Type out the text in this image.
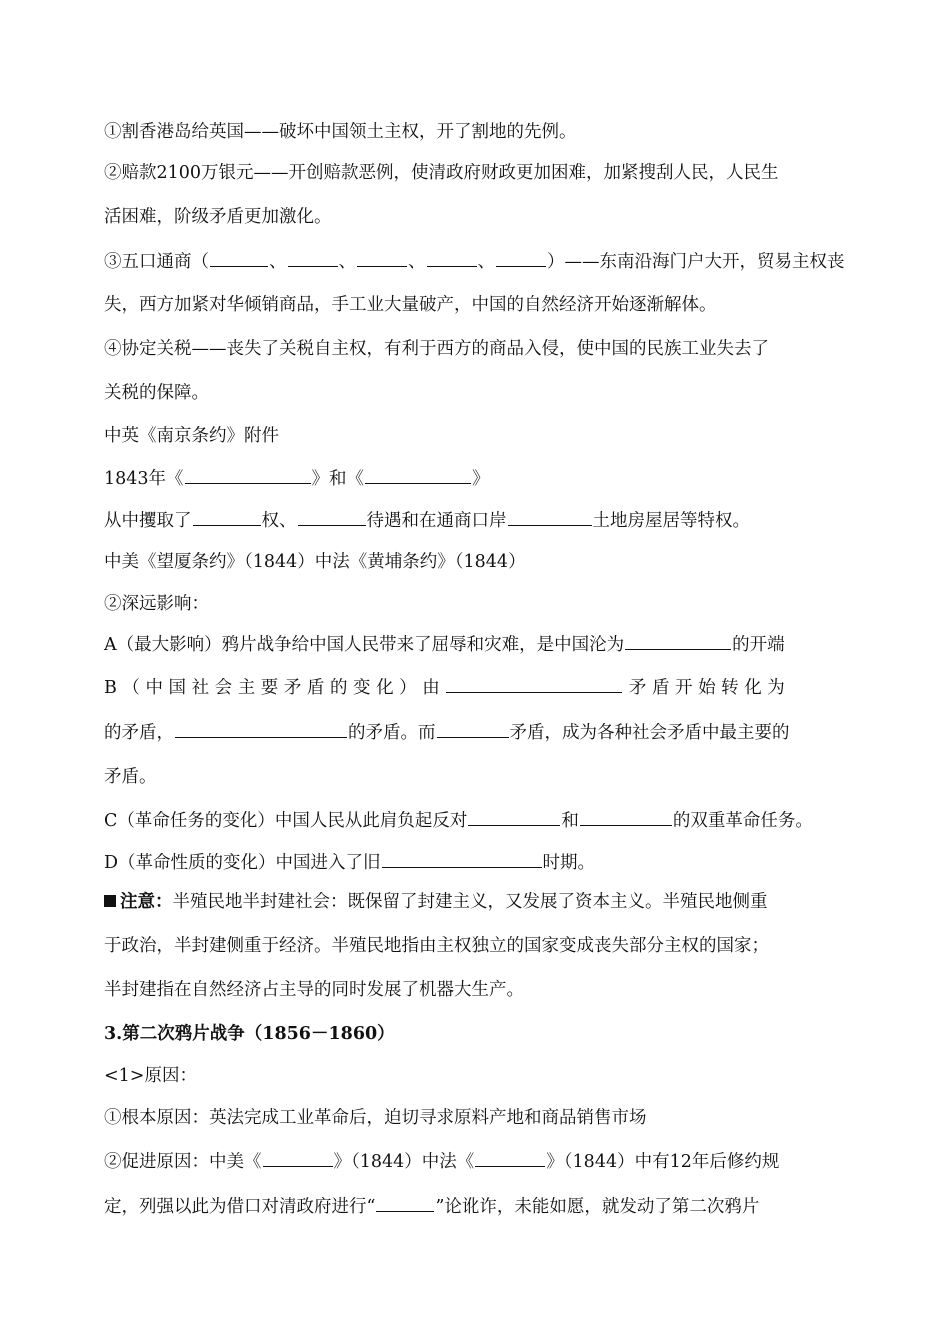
①割香港岛给英国——破坏中国领土主权，开了割地的先例。
②赔款2100万银元——开创赔款恶例，使清政府财政更加困难，加紧搜刮人民，人民生
活困难，阶级矛盾更加激化。
③五口通商（	、	、	、	、	）——东南沿海门户大开，贸易主权丧
失，西方加紧对华倾销商品，手工业大量破产，中国的自然经济开始逐渐解体。
④协定关税——丧失了关税自主权，有利于西方的商品入侵，使中国的民族工业失去了
关税的保障。
中英《南京条约》附件
1843年《	》和《	》
从中攫取了	权、	待遇和在通商口岸	土地房屋居等特权。
中美《望厦条约》（1844）中法《黄埔条约》（1844）
②深远影响：
A（最大影响）鸦片战争给中国人民带来了屈辱和灾难，是中国沦为	的开端
B （ 中 国 社 会 主 要 矛 盾 的 变 化 ） 由	矛 盾 开 始 转 化 为
的矛盾，	的矛盾。而	矛盾，成为各种社会矛盾中最主要的
矛盾。
C（革命任务的变化）中国人民从此肩负起反对	和	的双重革命任务。
D（革命性质的变化）中国进入了旧	时期。
注意：半殖民地半封建社会：既保留了封建主义，又发展了资本主义。半殖民地侧重
于政治，半封建侧重于经济。半殖民地指由主权独立的国家变成丧失部分主权的国家；
半封建指在自然经济占主导的同时发展了机器大生产。
3.第二次鸦片战争（1856－1860）
<1>原因：
①根本原因：英法完成工业革命后，迫切寻求原料产地和商品销售市场
②促进原因：中美《	》（1844）中法《	》（1844）中有12年后修约规
定，列强以此为借口对清政府进行“	”论讹诈，未能如愿，就发动了第二次鸦片
